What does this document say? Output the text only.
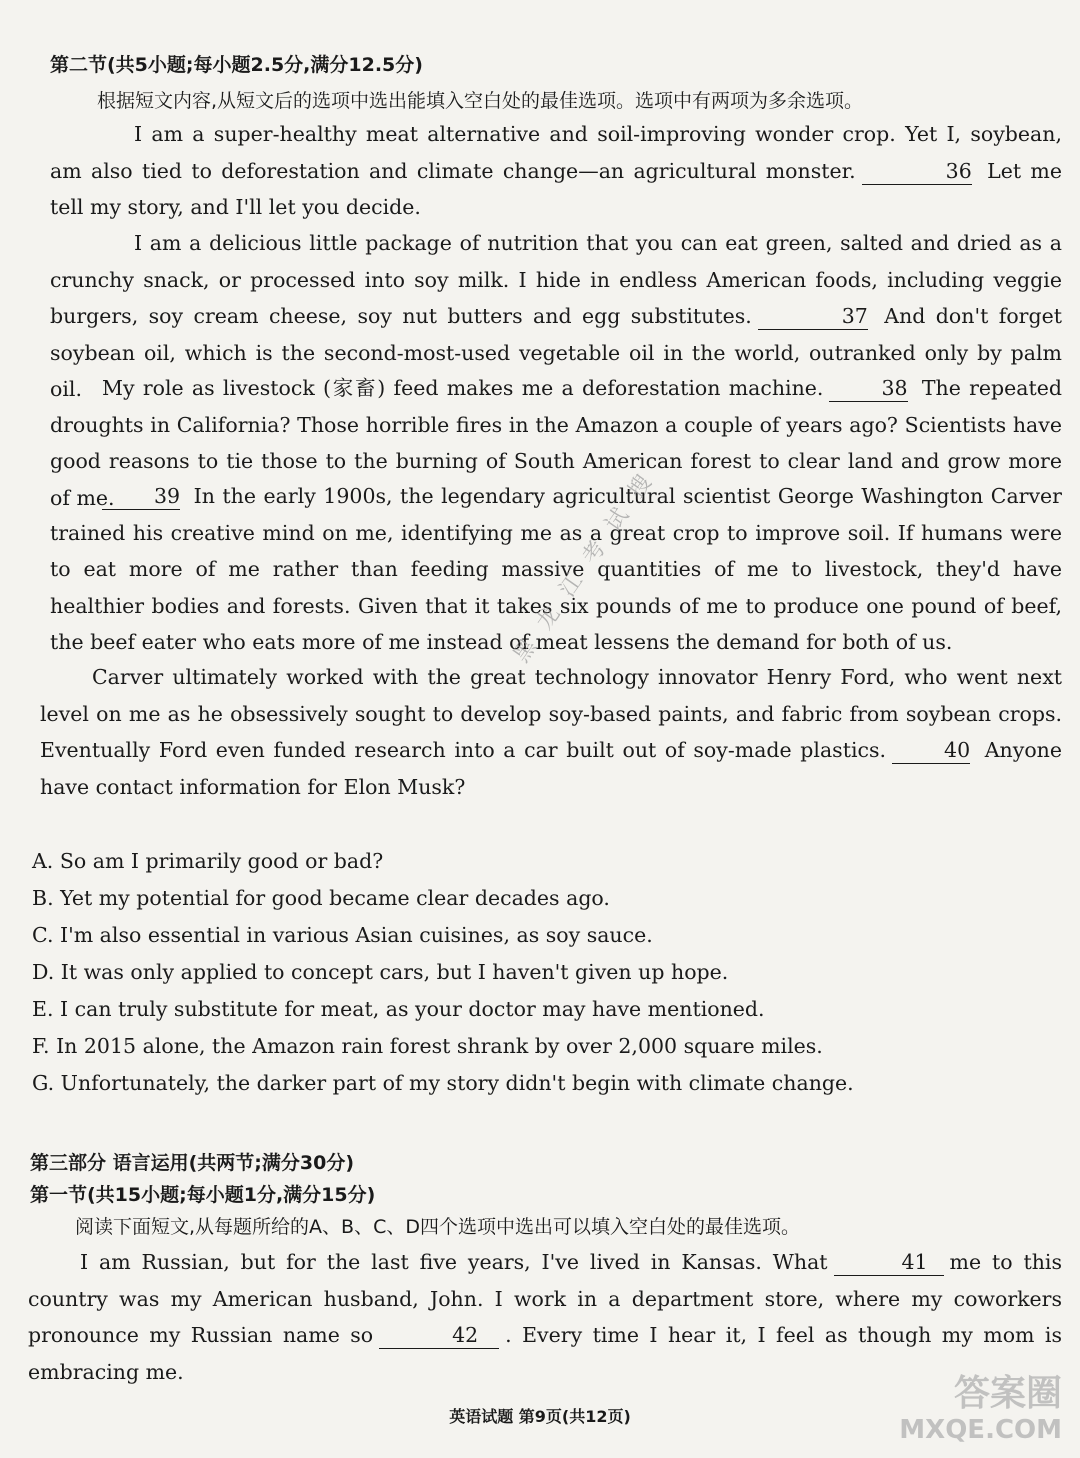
第二节(共5小题;每小题2.5分,满分12.5分)
根据短文内容,从短文后的选项中选出能填入空白处的最佳选项。选项中有两项为多余选项。

I am a super-healthy meat alternative and soil-improving wonder crop. Yet I, soybean, am also tied to deforestation and climate change—an agricultural monster.	36 Let me tell my story, and I'll let you decide.

I am a delicious little package of nutrition that you can eat green, salted and dried as a crunchy snack, or processed into soy milk. I hide in endless American foods, including veggie burgers, soy cream cheese, soy nut butters and egg substitutes.	37 And don't forget soybean oil, which is the second-most-used vegetable oil in the world, outranked only by palm oil. My role as livestock (家畜) feed makes me a deforestation machine.	38 The repeated droughts in California? Those horrible fires in the Amazon a couple of years ago? Scientists have good reasons to tie those to the burning of South American forest to clear land and grow more of me.	39 In the early 1900s, the legendary agricultural scientist George Washington Carver trained his creative mind on me, identifying me as a great crop to improve soil. If humans were to eat more of me rather than feeding massive quantities of me to livestock, they'd have healthier bodies and forests. Given that it takes six pounds of me to produce one pound of beef, the beef eater who eats more of me instead of meat lessens the demand for both of us.

Carver ultimately worked with the great technology innovator Henry Ford, who went next level on me as he obsessively sought to develop soy-based paints, and fabric from soybean crops. Eventually Ford even funded research into a car built out of soy-made plastics.	40 Anyone have contact information for Elon Musk?

A. So am I primarily good or bad?
B. Yet my potential for good became clear decades ago.
C. I'm also essential in various Asian cuisines, as soy sauce.
D. It was only applied to concept cars, but I haven't given up hope.
E. I can truly substitute for meat, as your doctor may have mentioned.
F. In 2015 alone, the Amazon rain forest shrank by over 2,000 square miles.
G. Unfortunately, the darker part of my story didn't begin with climate change.
第三部分 语言运用(共两节;满分30分)
第一节(共15小题;每小题1分,满分15分)
阅读下面短文,从每题所给的A、B、C、D四个选项中选出可以填入空白处的最佳选项。

I am Russian, but for the last five years, I've lived in Kansas. What	41 me to this country was my American husband, John. I work in a department store, where my coworkers pronounce my Russian name so	42 . Every time I hear it, I feel as though my mom is embracing me.

英语试题 第9页(共12页)
黑龙江考试搜
答案圈
MXQE.COM
